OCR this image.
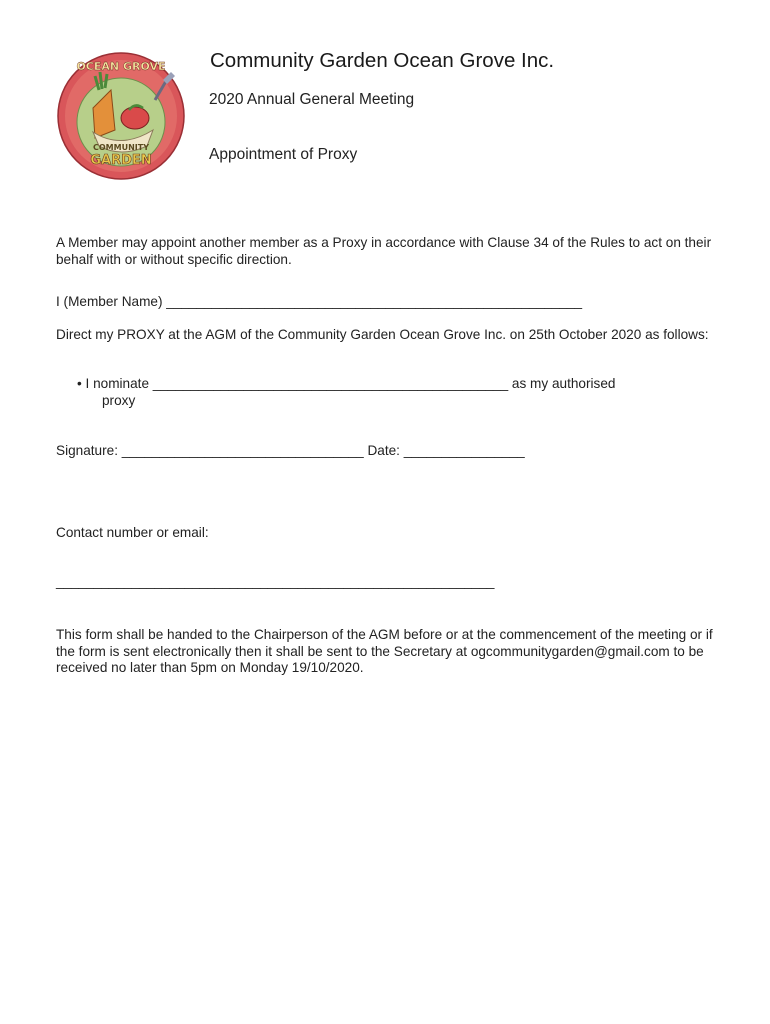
OCEAN GROVE
COMMUNITY
GARDEN
Community Garden Ocean Grove Inc.
2020 Annual General Meeting
Appointment of Proxy
A Member may appoint another member as a Proxy in accordance with Clause 34 of the Rules to act on their behalf with or without specific direction.
I (Member Name) _______________________________________________________
Direct my PROXY at the AGM of the Community Garden Ocean Grove Inc. on 25th October 2020 as follows:
• I nominate _______________________________________________ as my authorised
proxy
Signature: ________________________________ Date: ________________
Contact number or email:
__________________________________________________________
This form shall be handed to the Chairperson of the AGM before or at the commencement of the meeting or if the form is sent electronically then it shall be sent to the Secretary at ogcommunitygarden@gmail.com to be received no later than 5pm on Monday 19/10/2020.
